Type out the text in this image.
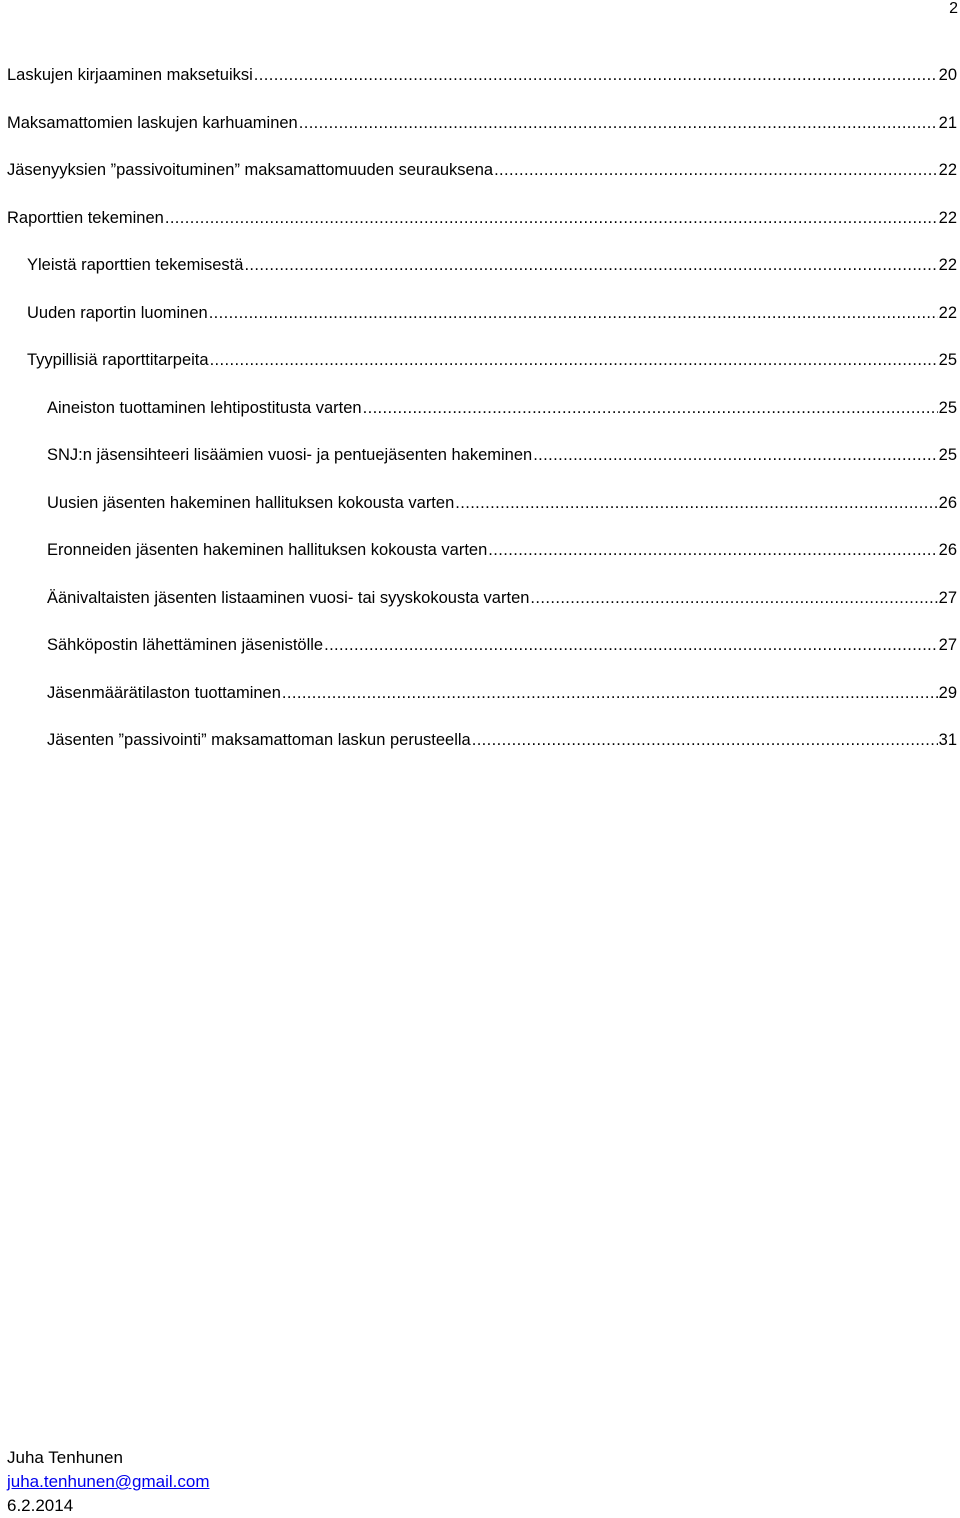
2
Laskujen kirjaaminen maksetuiksi .....	20
Maksamattomien laskujen karhuaminen .....	21
Jäsenyyksien ”passivoituminen” maksamattomuuden seurauksena .....	22
Raporttien tekeminen .....	22
Yleistä raporttien tekemisestä .....	22
Uuden raportin luominen .....	22
Tyypillisiä raporttitarpeita .....	25
Aineiston tuottaminen lehtipostitusta varten .....	25
SNJ:n jäsensihteeri lisäämien vuosi- ja pentuejäsenten hakeminen .....	25
Uusien jäsenten hakeminen hallituksen kokousta varten .....	26
Eronneiden jäsenten hakeminen hallituksen kokousta varten .....	26
Äänivaltaisten jäsenten listaaminen vuosi- tai syyskokousta varten .....	27
Sähköpostin lähettäminen jäsenistölle .....	27
Jäsenmäärätilaston tuottaminen .....	29
Jäsenten ”passivointi” maksamattoman laskun perusteella .....	31
Juha Tenhunen
juha.tenhunen@gmail.com
6.2.2014
